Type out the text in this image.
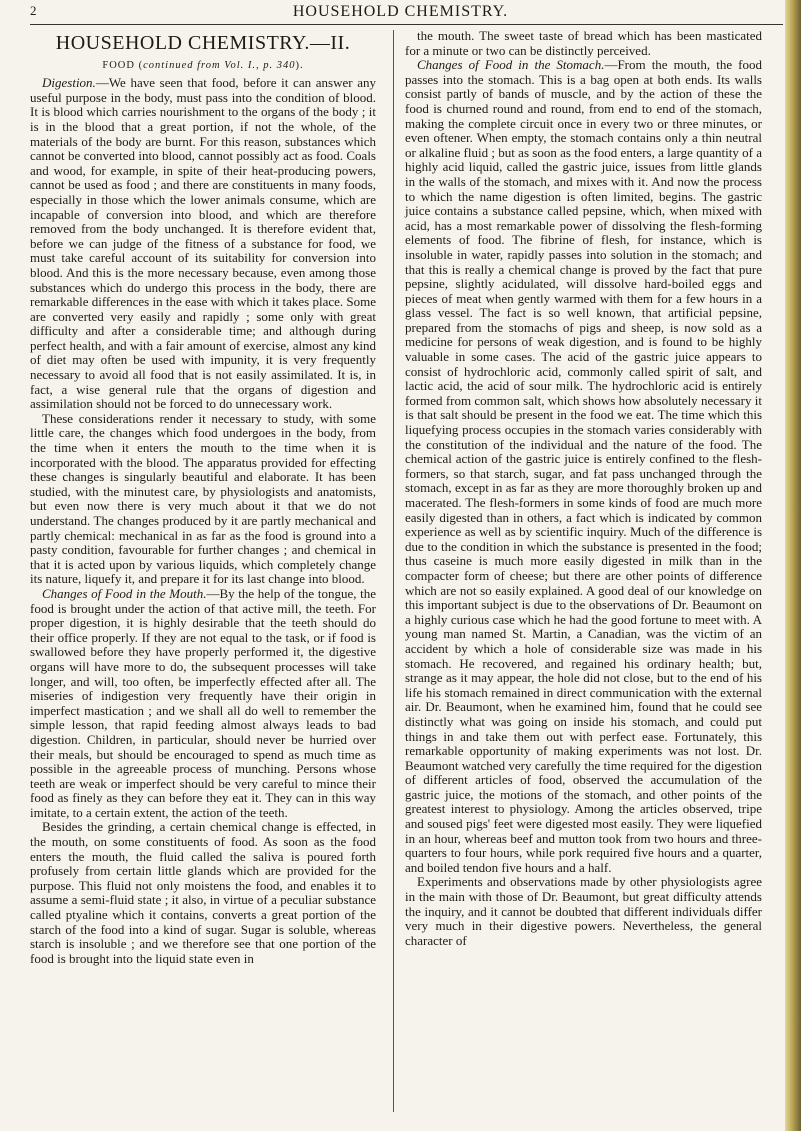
2	HOUSEHOLD CHEMISTRY.
HOUSEHOLD CHEMISTRY.—II.
FOOD (continued from Vol. I., p. 340).

Digestion.—We have seen that food, before it can answer any useful purpose in the body, must pass into the condition of blood. It is blood which carries nourishment to the organs of the body ; it is in the blood that a great portion, if not the whole, of the materials of the body are burnt. For this reason, substances which cannot be converted into blood, cannot possibly act as food. Coals and wood, for example, in spite of their heat-producing powers, cannot be used as food ; and there are constituents in many foods, especially in those which the lower animals consume, which are incapable of conversion into blood, and which are therefore removed from the body unchanged. It is therefore evident that, before we can judge of the fitness of a substance for food, we must take careful account of its suitability for conversion into blood. And this is the more necessary because, even among those substances which do undergo this process in the body, there are remarkable differences in the ease with which it takes place. Some are converted very easily and rapidly ; some only with great difficulty and after a considerable time; and although during perfect health, and with a fair amount of exercise, almost any kind of diet may often be used with impunity, it is very frequently necessary to avoid all food that is not easily assimilated. It is, in fact, a wise general rule that the organs of digestion and assimilation should not be forced to do unnecessary work.

These considerations render it necessary to study, with some little care, the changes which food undergoes in the body, from the time when it enters the mouth to the time when it is incorporated with the blood. The apparatus provided for effecting these changes is singularly beautiful and elaborate. It has been studied, with the minutest care, by physiologists and anatomists, but even now there is very much about it that we do not understand. The changes produced by it are partly mechanical and partly chemical: mechanical in as far as the food is ground into a pasty condition, favourable for further changes ; and chemical in that it is acted upon by various liquids, which completely change its nature, liquefy it, and prepare it for its last change into blood.

Changes of Food in the Mouth.—By the help of the tongue, the food is brought under the action of that active mill, the teeth. For proper digestion, it is highly desirable that the teeth should do their office properly. If they are not equal to the task, or if food is swallowed before they have properly performed it, the digestive organs will have more to do, the subsequent processes will take longer, and will, too often, be imperfectly effected after all. The miseries of indigestion very frequently have their origin in imperfect mastication ; and we shall all do well to remember the simple lesson, that rapid feeding almost always leads to bad digestion. Children, in particular, should never be hurried over their meals, but should be encouraged to spend as much time as possible in the agreeable process of munching. Persons whose teeth are weak or imperfect should be very careful to mince their food as finely as they can before they eat it. They can in this way imitate, to a certain extent, the action of the teeth.

Besides the grinding, a certain chemical change is effected, in the mouth, on some constituents of food. As soon as the food enters the mouth, the fluid called the saliva is poured forth profusely from certain little glands which are provided for the purpose. This fluid not only moistens the food, and enables it to assume a semi-fluid state ; it also, in virtue of a peculiar substance called ptyaline which it contains, converts a great portion of the starch of the food into a kind of sugar. Sugar is soluble, whereas starch is insoluble ; and we therefore see that one portion of the food is brought into the liquid state even in

the mouth. The sweet taste of bread which has been masticated for a minute or two can be distinctly perceived.

Changes of Food in the Stomach.—From the mouth, the food passes into the stomach. This is a bag open at both ends. Its walls consist partly of bands of muscle, and by the action of these the food is churned round and round, from end to end of the stomach, making the complete circuit once in every two or three minutes, or even oftener. When empty, the stomach contains only a thin neutral or alkaline fluid ; but as soon as the food enters, a large quantity of a highly acid liquid, called the gastric juice, issues from little glands in the walls of the stomach, and mixes with it. And now the process to which the name digestion is often limited, begins. The gastric juice contains a substance called pepsine, which, when mixed with acid, has a most remarkable power of dissolving the flesh-forming elements of food. The fibrine of flesh, for instance, which is insoluble in water, rapidly passes into solution in the stomach; and that this is really a chemical change is proved by the fact that pure pepsine, slightly acidulated, will dissolve hard-boiled eggs and pieces of meat when gently warmed with them for a few hours in a glass vessel. The fact is so well known, that artificial pepsine, prepared from the stomachs of pigs and sheep, is now sold as a medicine for persons of weak digestion, and is found to be highly valuable in some cases. The acid of the gastric juice appears to consist of hydrochloric acid, commonly called spirit of salt, and lactic acid, the acid of sour milk. The hydrochloric acid is entirely formed from common salt, which shows how absolutely necessary it is that salt should be present in the food we eat. The time which this liquefying process occupies in the stomach varies considerably with the constitution of the individual and the nature of the food. The chemical action of the gastric juice is entirely confined to the flesh-formers, so that starch, sugar, and fat pass unchanged through the stomach, except in as far as they are more thoroughly broken up and macerated. The flesh-formers in some kinds of food are much more easily digested than in others, a fact which is indicated by common experience as well as by scientific inquiry. Much of the difference is due to the condition in which the substance is presented in the food; thus caseine is much more easily digested in milk than in the compacter form of cheese; but there are other points of difference which are not so easily explained. A good deal of our knowledge on this important subject is due to the observations of Dr. Beaumont on a highly curious case which he had the good fortune to meet with. A young man named St. Martin, a Canadian, was the victim of an accident by which a hole of considerable size was made in his stomach. He recovered, and regained his ordinary health; but, strange as it may appear, the hole did not close, but to the end of his life his stomach remained in direct communication with the external air. Dr. Beaumont, when he examined him, found that he could see distinctly what was going on inside his stomach, and could put things in and take them out with perfect ease. Fortunately, this remarkable opportunity of making experiments was not lost. Dr. Beaumont watched very carefully the time required for the digestion of different articles of food, observed the accumulation of the gastric juice, the motions of the stomach, and other points of the greatest interest to physiology. Among the articles observed, tripe and soused pigs' feet were digested most easily. They were liquefied in an hour, whereas beef and mutton took from two hours and three-quarters to four hours, while pork required five hours and a quarter, and boiled tendon five hours and a half.

Experiments and observations made by other physiologists agree in the main with those of Dr. Beaumont, but great difficulty attends the inquiry, and it cannot be doubted that different individuals differ very much in their digestive powers. Nevertheless, the general character of
